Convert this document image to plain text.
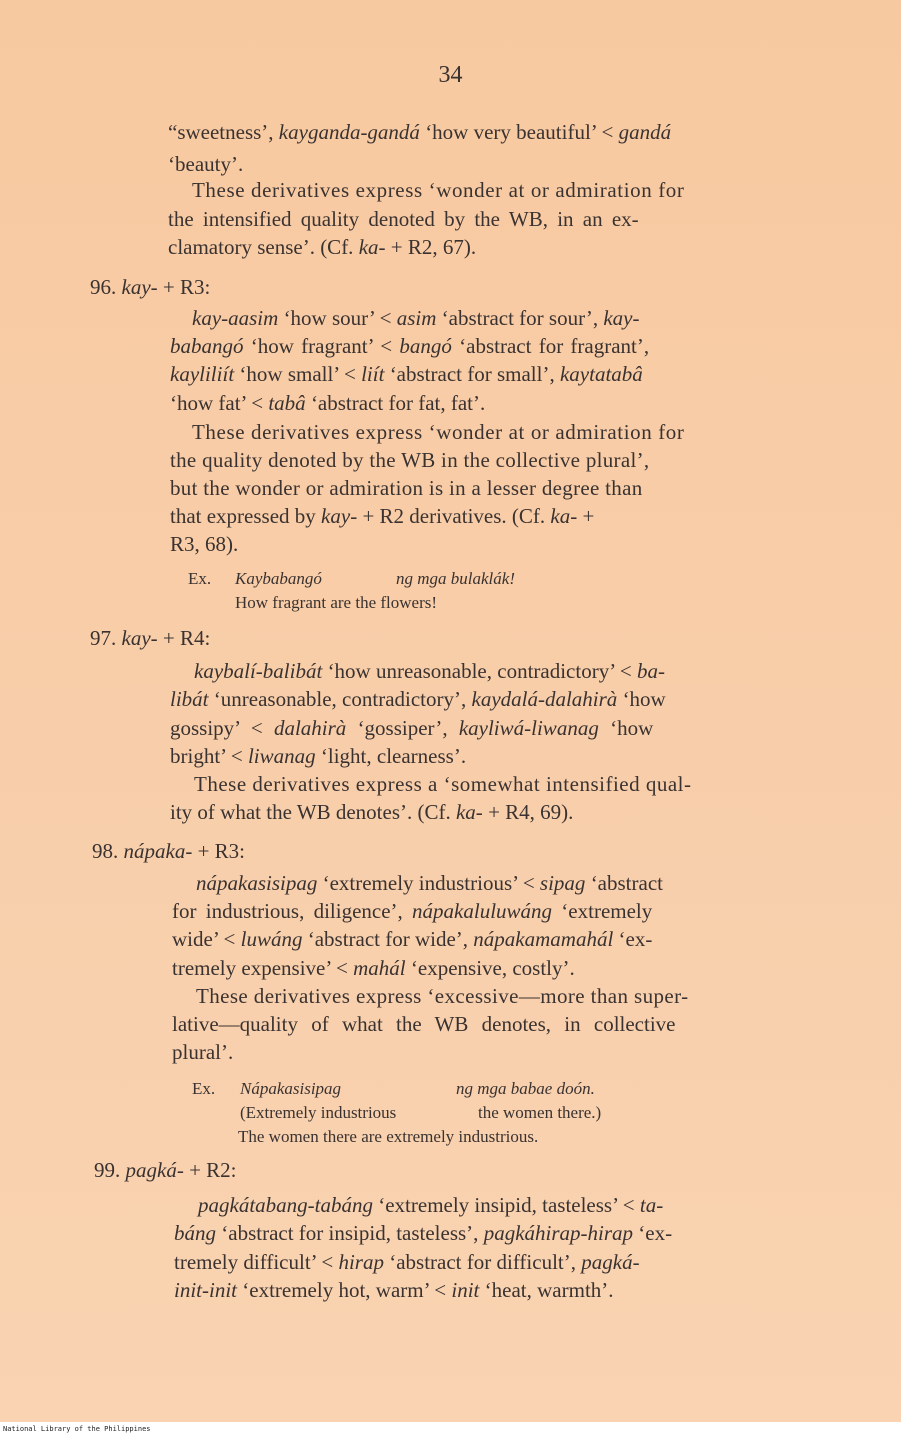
34
“sweetness’, kayganda-gandá ‘how very beautiful’ < gandá
‘beauty’.
These derivatives express ‘wonder at or admiration for
the intensified quality denoted by the WB, in an ex-
clamatory sense’. (Cf. ka- + R2, 67).
96. kay- + R3:
kay-aasim ‘how sour’ < asim ‘abstract for sour’, kay-
babangó ‘how fragrant’ < bangó ‘abstract for fragrant’,
kayliliít ‘how small’ < liít ‘abstract for small’, kaytatabâ
‘how fat’ < tabâ ‘abstract for fat, fat’.
These derivatives express ‘wonder at or admiration for
the quality denoted by the WB in the collective plural’,
but the wonder or admiration is in a lesser degree than
that expressed by kay- + R2 derivatives. (Cf. ka- +
R3, 68).
Ex. Kaybabangó	ng mga bulaklák!
How fragrant are the flowers!
97. kay- + R4:
kaybalí-balibát ‘how unreasonable, contradictory’ < ba-
libát ‘unreasonable, contradictory’, kaydalá-dalahirà ‘how
gossipy’ < dalahirà ‘gossiper’, kayliwá-liwanag ‘how
bright’ < liwanag ‘light, clearness’.
These derivatives express a ‘somewhat intensified qual-
ity of what the WB denotes’. (Cf. ka- + R4, 69).
98. nápaka- + R3:
nápakasisipag ‘extremely industrious’ < sipag ‘abstract
for industrious, diligence’, nápakaluluwáng ‘extremely
wide’ < luwáng ‘abstract for wide’, nápakamamahál ‘ex-
tremely expensive’ < mahál ‘expensive, costly’.
These derivatives express ‘excessive—more than super-
lative—quality of what the WB denotes, in collective
plural’.
Ex. Nápakasisipag	ng mga babae doón.
(Extremely industrious	the women there.)
The women there are extremely industrious.
99. pagká- + R2:
pagkátabang-tabáng ‘extremely insipid, tasteless’ < ta-
báng ‘abstract for insipid, tasteless’, pagkáhirap-hirap ‘ex-
tremely difficult’ < hirap ‘abstract for difficult’, pagká-
init-init ‘extremely hot, warm’ < init ‘heat, warmth’.
National Library of the Philippines
